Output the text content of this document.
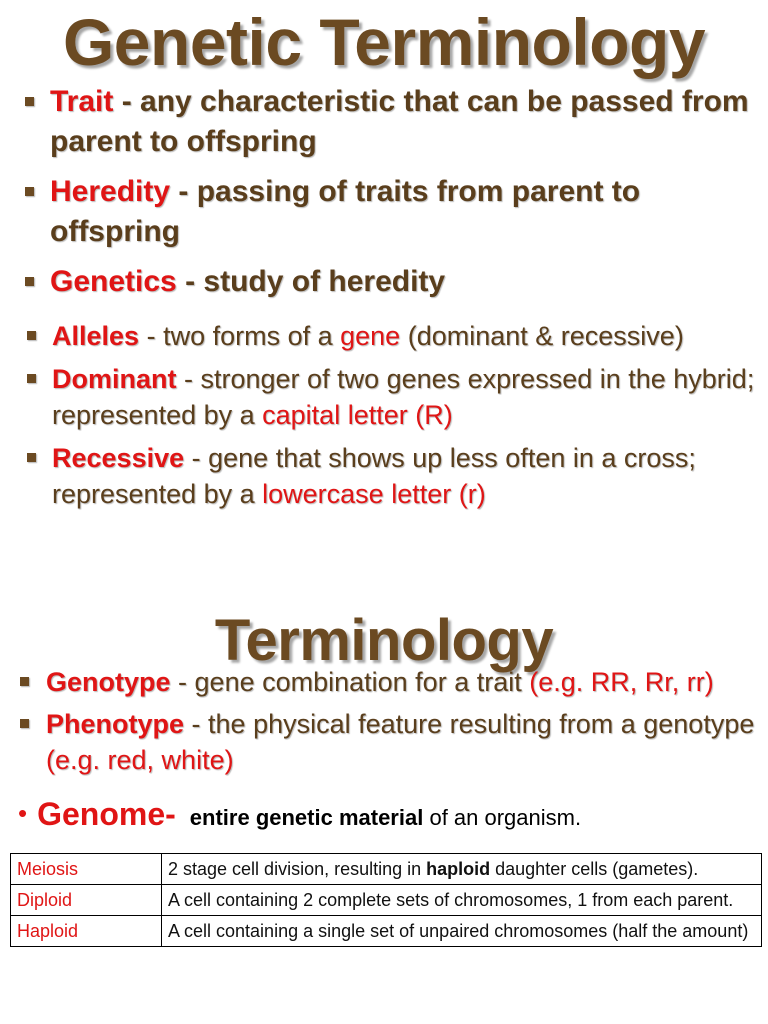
Genetic Terminology
Trait - any characteristic that can be passed from parent to offspring
Heredity - passing of traits from parent to offspring
Genetics - study of heredity
Alleles - two forms of a gene (dominant & recessive)
Dominant - stronger of two genes expressed in the hybrid; represented by a capital letter (R)
Recessive - gene that shows up less often in a cross; represented by a lowercase letter (r)
Terminology
Genotype - gene combination for a trait (e.g. RR, Rr, rr)
Phenotype - the physical feature resulting from a genotype (e.g. red, white)
• Genome- entire genetic material of an organism.
Meiosis	2 stage cell division, resulting in haploid daughter cells (gametes).
Diploid	A cell containing 2 complete sets of chromosomes, 1 from each parent.
Haploid	A cell containing a single set of unpaired chromosomes (half the amount)
